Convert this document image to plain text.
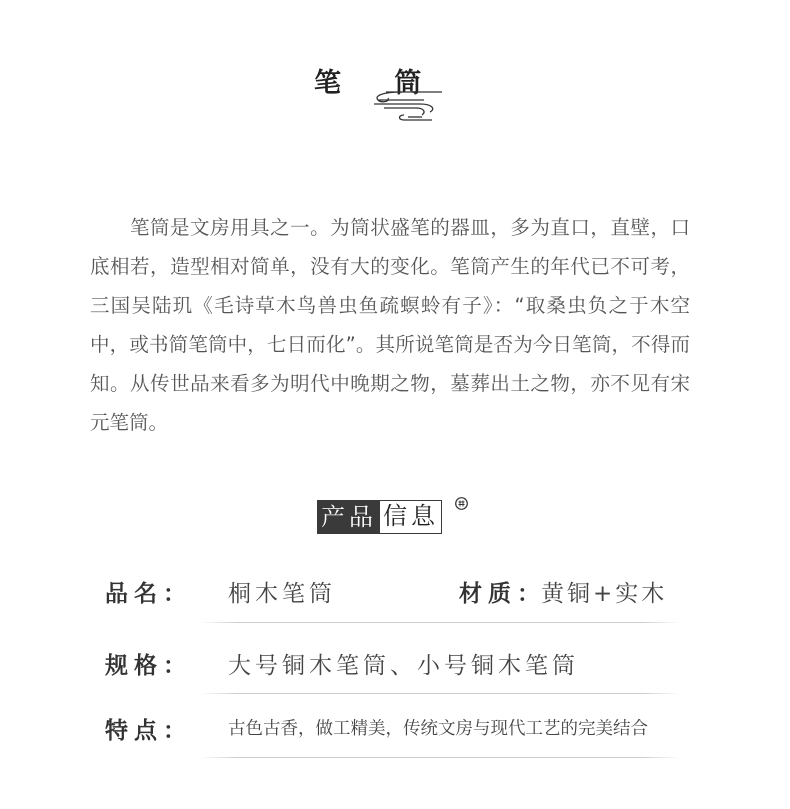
笔 筒

笔筒是文房用具之一。为筒状盛笔的器皿，多为直口，直壁，口底相若，造型相对简单，没有大的变化。笔筒产生的年代已不可考，三国吴陆玑《毛诗草木鸟兽虫鱼疏螟蛉有子》：“取桑虫负之于木空中，或书简笔筒中，七日而化”。其所说笔筒是否为今日笔筒，不得而知。从传世品来看多为明代中晚期之物，墓葬出土之物，亦不见有宋元笔筒。

产品 信息
品名： 桐木笔筒	材质：
黄铜+实木
规格： 大号铜木笔筒、小号铜木笔筒
特点： 古色古香，做工精美，传统文房与现代工艺的完美结合
